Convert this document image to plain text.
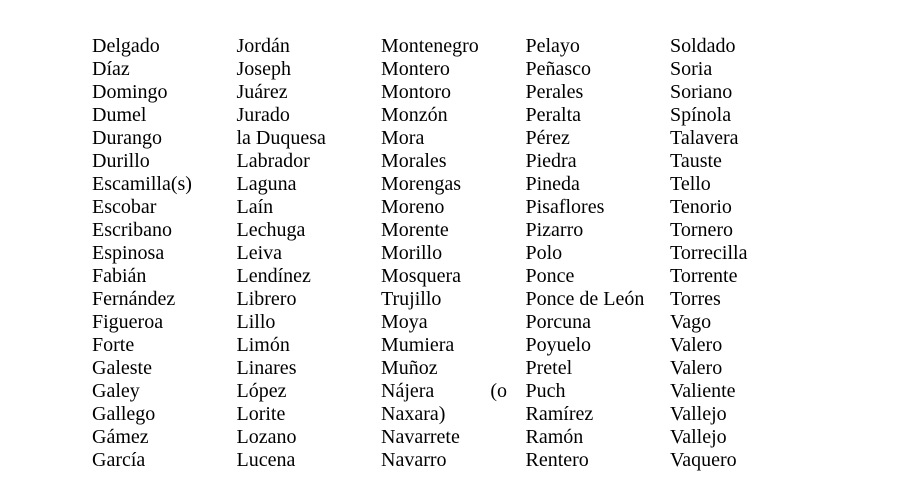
Delgado
Díaz
Domingo
Dumel
Durango
Durillo
Escamilla(s)
Escobar
Escribano
Espinosa
Fabián
Fernández
Figueroa
Forte
Galeste
Galey
Gallego
Gámez
García
Jordán
Joseph
Juárez
Jurado
la Duquesa
Labrador
Laguna
Laín
Lechuga
Leiva
Lendínez
Librero
Lillo
Limón
Linares
López
Lorite
Lozano
Lucena
Montenegro
Montero
Montoro
Monzón
Mora
Morales
Morengas
Moreno
Morente
Morillo
Mosquera
Trujillo
Moya
Mumiera
Muñoz
Nájera	(o
Naxara)
Navarrete
Navarro
Pelayo
Peñasco
Perales
Peralta
Pérez
Piedra
Pineda
Pisaflores
Pizarro
Polo
Ponce
Ponce de León
Porcuna
Poyuelo
Pretel
Puch
Ramírez
Ramón
Rentero
Soldado
Soria
Soriano
Spínola
Talavera
Tauste
Tello
Tenorio
Tornero
Torrecilla
Torrente
Torres
Vago
Valero
Valero
Valiente
Vallejo
Vallejo
Vaquero
